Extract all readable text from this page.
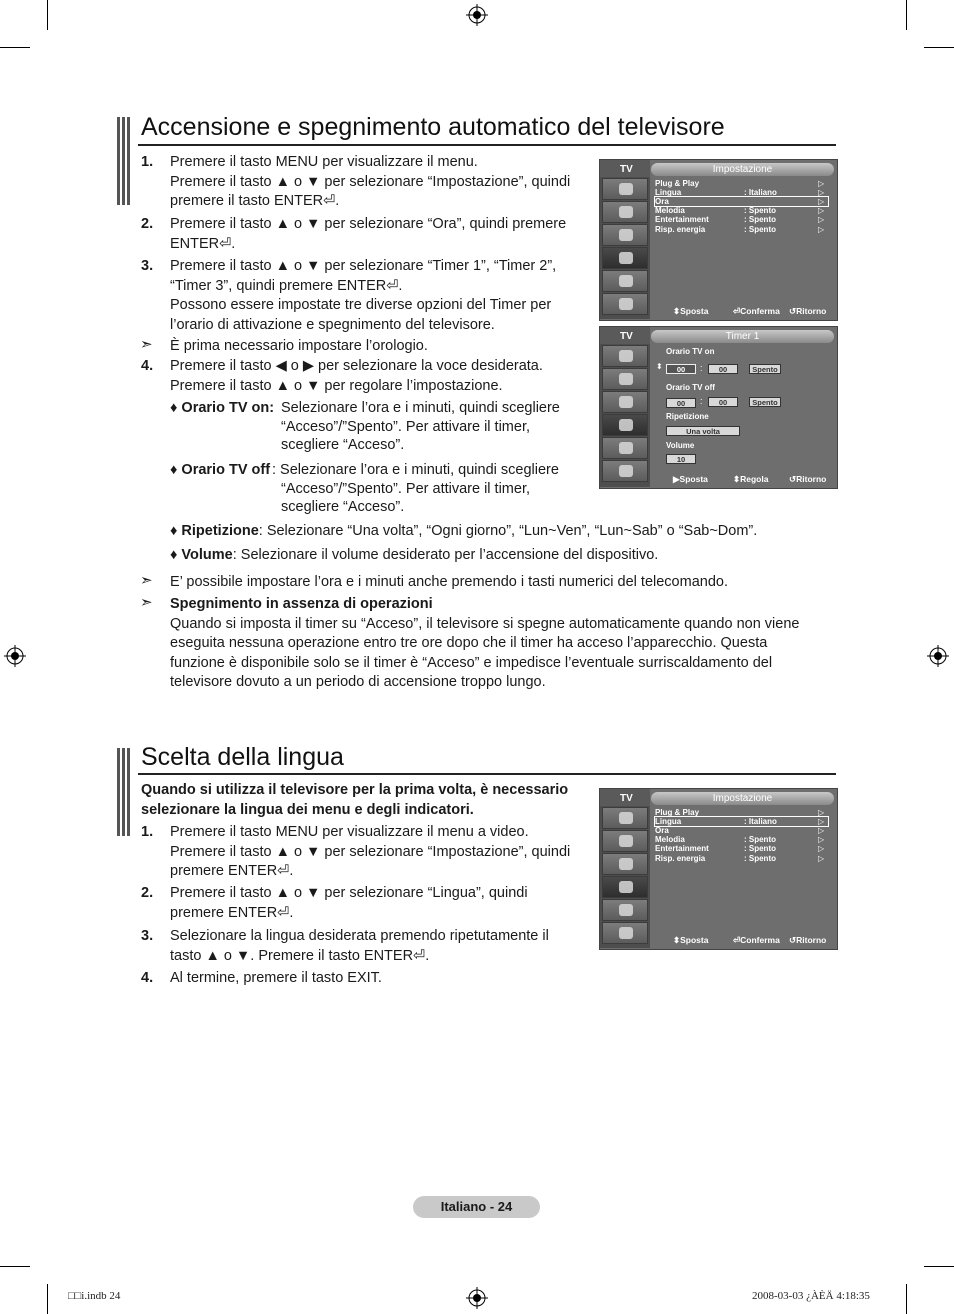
Accensione e spegnimento automatico del televisore
1. Premere il tasto MENU per visualizzare il menu.
Premere il tasto ▲ o ▼ per selezionare “Impostazione”, quindi
premere il tasto ENTER⏎.
2. Premere il tasto ▲ o ▼ per selezionare “Ora”, quindi premere
ENTER⏎.
3. Premere il tasto ▲ o ▼ per selezionare “Timer 1”, “Timer 2”,
“Timer 3”, quindi premere ENTER⏎.
Possono essere impostate tre diverse opzioni del Timer per
l’orario di attivazione e spegnimento del televisore.
➣ È prima necessario impostare l’orologio.
4. Premere il tasto ◀ o ▶ per selezionare la voce desiderata.
Premere il tasto ▲ o ▼ per regolare l’impostazione.
♦ Orario TV on: Selezionare l’ora e i minuti, quindi scegliere
“Acceso”/”Spento”. Per attivare il timer,
scegliere “Acceso”.
♦ Orario TV off : Selezionare l’ora e i minuti, quindi scegliere
“Acceso”/”Spento”. Per attivare il timer,
scegliere “Acceso”.
♦ Ripetizione: Selezionare “Una volta”, “Ogni giorno”, “Lun~Ven”, “Lun~Sab” o “Sab~Dom”.
♦ Volume: Selezionare il volume desiderato per l’accensione del dispositivo.
➣ E’ possibile impostare l’ora e i minuti anche premendo i tasti numerici del telecomando.
➣ Spegnimento in assenza di operazioni
Quando si imposta il timer su “Acceso”, il televisore si spegne automaticamente quando non viene
eseguita nessuna operazione entro tre ore dopo che il timer ha acceso l’apparecchio. Questa
funzione è disponibile solo se il timer è “Acceso” e impedisce l’eventuale surriscaldamento del
televisore dovuto a un periodo di accensione troppo lungo.
TV	Impostazione
Plug & Play	▷
Lingua	: Italiano	▷
Ora	▷
Melodia	: Spento	▷
Entertainment	: Spento	▷
Risp. energia	: Spento	▷
⬍ Sposta	⏎ Conferma ↺ Ritorno
TV	Timer 1
Orario TV on
⬍	00	:	00	Spento
Orario TV off
00	:	00	Spento
Ripetizione
Una volta
Volume
10
▶ Sposta	⬍ Regola ↺ Ritorno
Scelta della lingua
Quando si utilizza il televisore per la prima volta, è necessario
selezionare la lingua dei menu e degli indicatori.
1. Premere il tasto MENU per visualizzare il menu a video.
Premere il tasto ▲ o ▼ per selezionare “Impostazione”, quindi
premere ENTER⏎.
2. Premere il tasto ▲ o ▼ per selezionare “Lingua”, quindi
premere ENTER⏎.
3. Selezionare la lingua desiderata premendo ripetutamente il
tasto ▲ o ▼. Premere il tasto ENTER⏎.
4. Al termine, premere il tasto EXIT.
TV	Impostazione
Plug & Play	▷
Lingua	: Italiano	▷
Ora	▷
Melodia	: Spento	▷
Entertainment	: Spento	▷
Risp. energia	: Spento	▷
⬍ Sposta	⏎ Conferma ↺ Ritorno
Italiano - 24
□□i.indb 24	2008-03-03 ¿ÀÈÄ 4:18:35
